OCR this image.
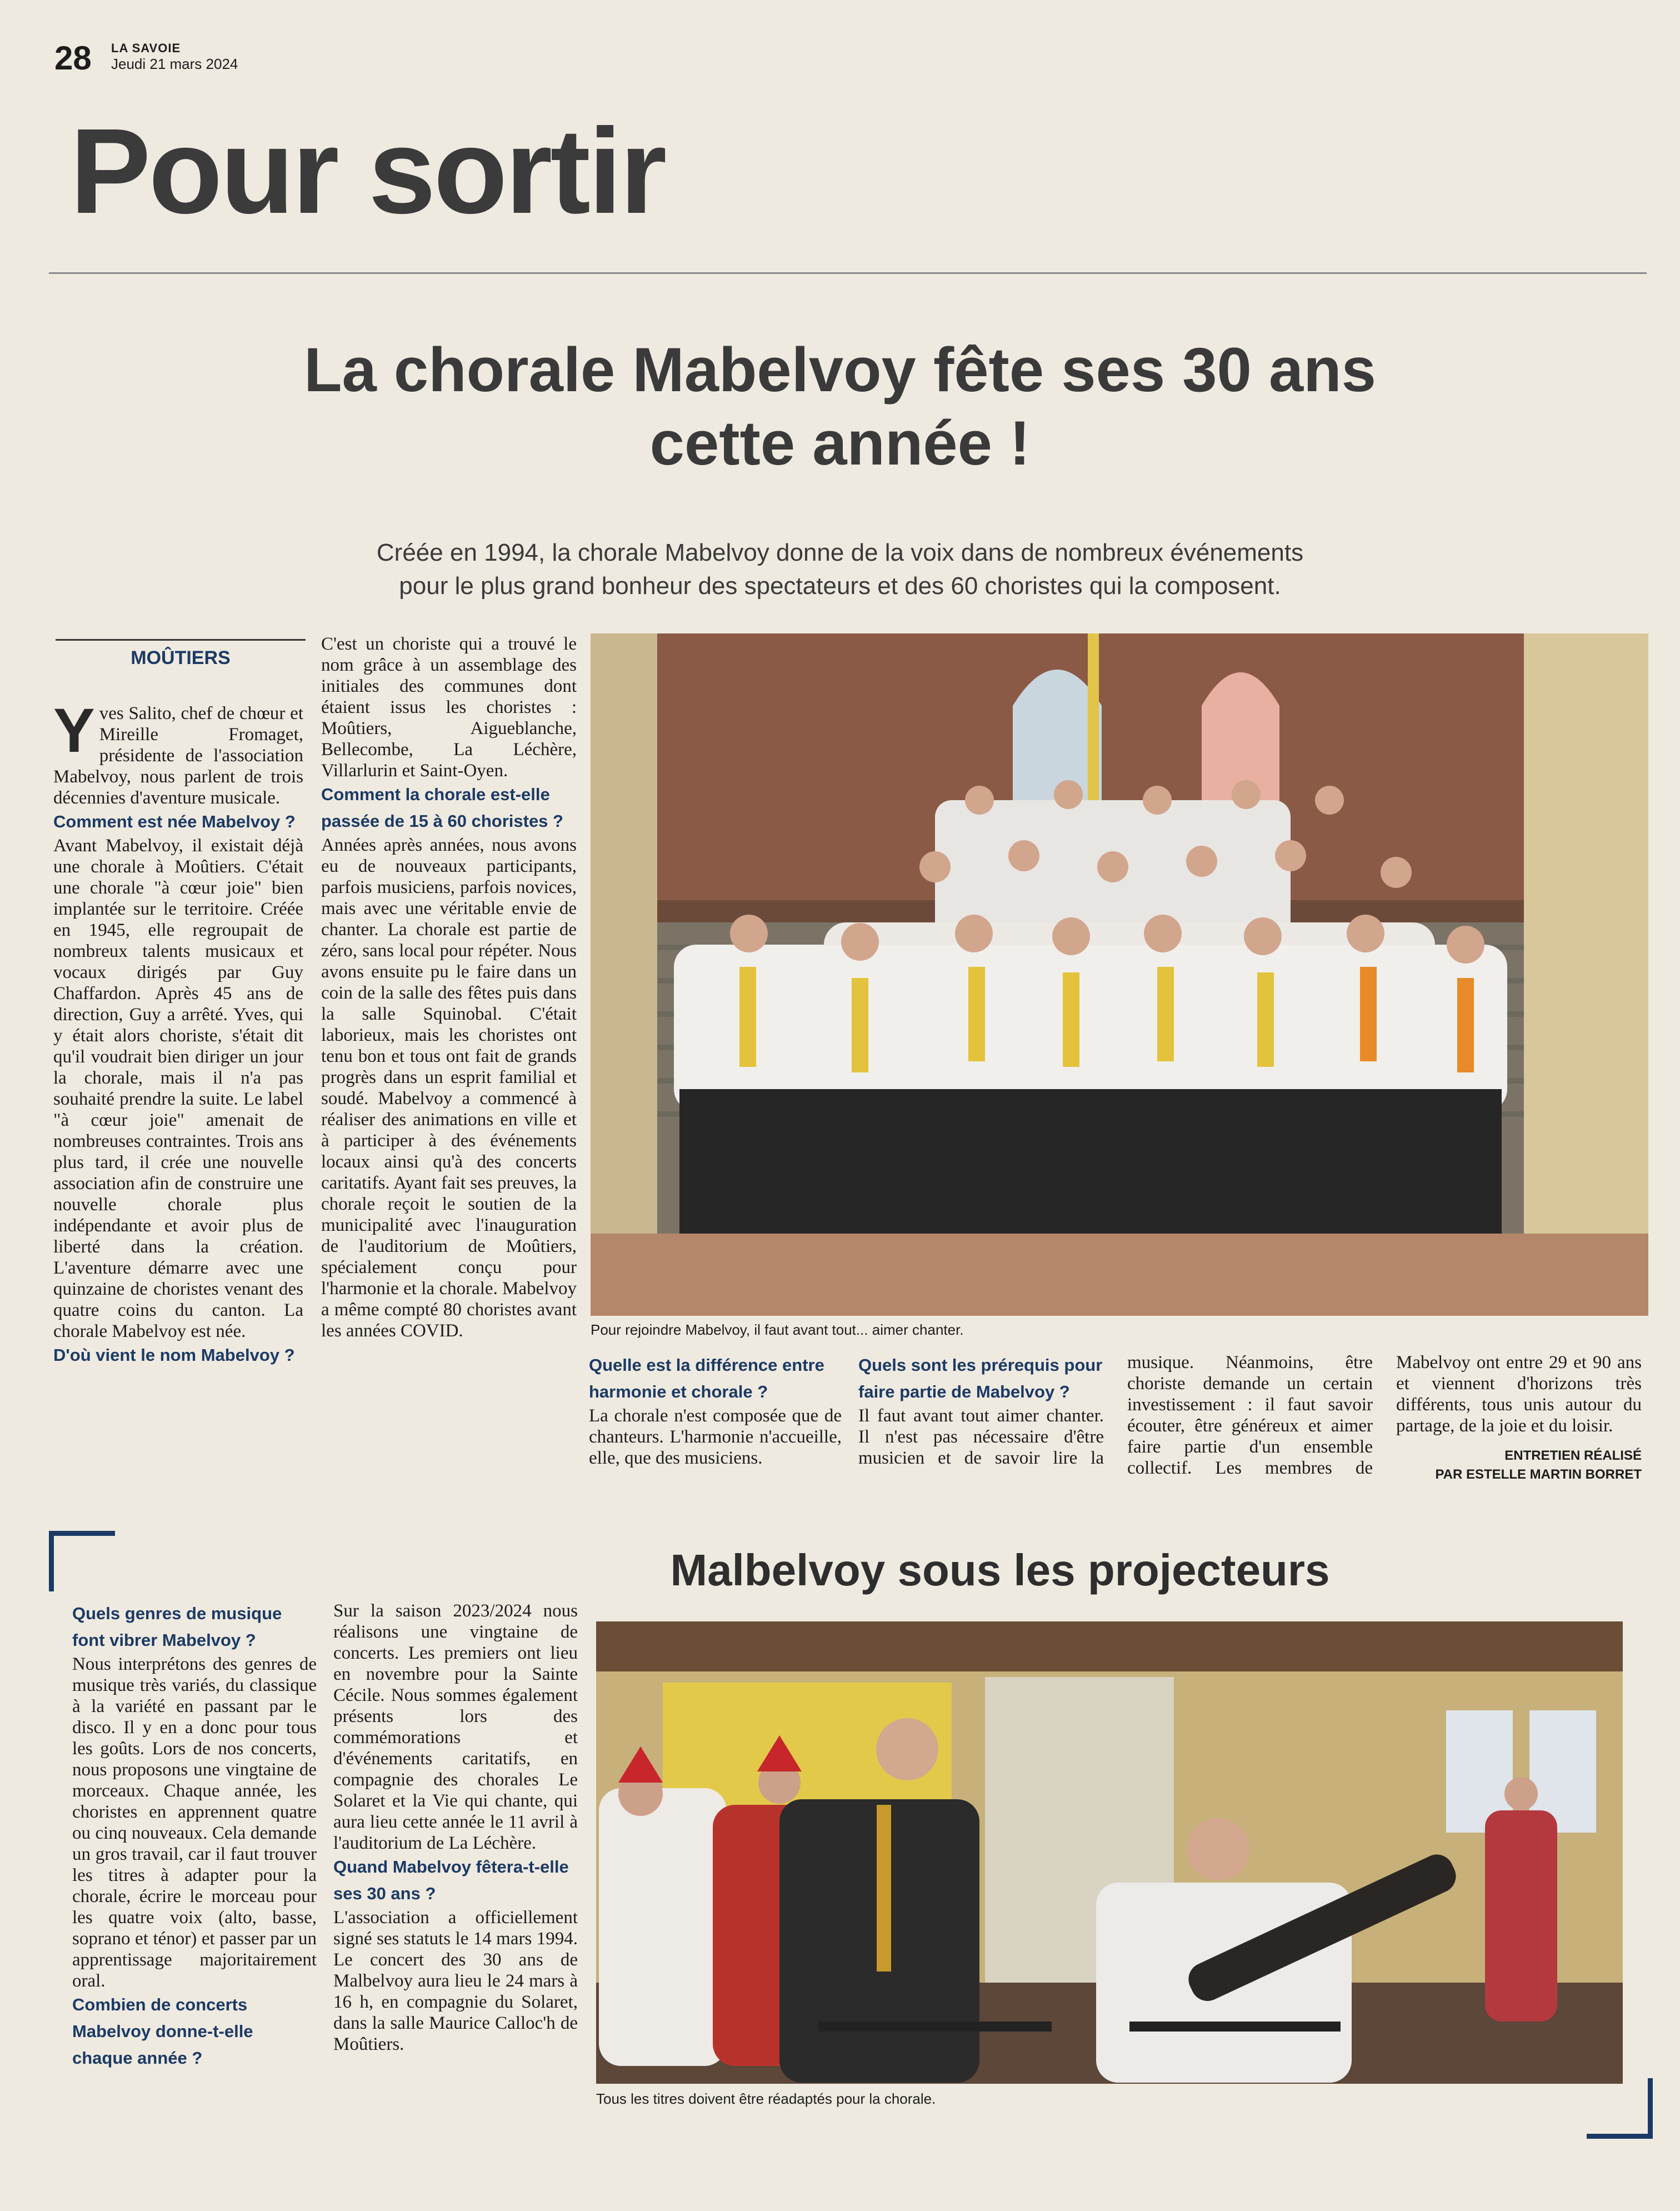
28 LA SAVOIE
Jeudi 21 mars 2024
Pour sortir
La chorale Mabelvoy fête ses 30 ans
cette année !
Créée en 1994, la chorale Mabelvoy donne de la voix dans de nombreux événements
pour le plus grand bonheur des spectateurs et des 60 choristes qui la composent.
MOÛTIERS

Yves Salito, chef de chœur et Mireille Fromaget, présidente de l'association Mabelvoy, nous parlent de trois décennies d'aventure musicale.

Comment est née Mabelvoy ?

Avant Mabelvoy, il existait déjà une chorale à Moûtiers. C'était une chorale "à cœur joie" bien implantée sur le territoire. Créée en 1945, elle regroupait de nombreux talents musicaux et vocaux dirigés par Guy Chaffardon. Après 45 ans de direction, Guy a arrêté. Yves, qui y était alors choriste, s'était dit qu'il voudrait bien diriger un jour la chorale, mais il n'a pas souhaité prendre la suite. Le label "à cœur joie" amenait de nombreuses contraintes. Trois ans plus tard, il crée une nouvelle association afin de construire une nouvelle chorale plus indépendante et avoir plus de liberté dans la création. L'aventure démarre avec une quinzaine de choristes venant des quatre coins du canton. La chorale Mabelvoy est née.

D'où vient le nom Mabelvoy ?

C'est un choriste qui a trouvé le nom grâce à un assemblage des initiales des communes dont étaient issus les choristes : Moûtiers, Aigueblanche, Bellecombe, La Léchère, Villarlurin et Saint-Oyen.

Comment la chorale est-elle passée de 15 à 60 choristes ?

Années après années, nous avons eu de nouveaux participants, parfois musiciens, parfois novices, mais avec une véritable envie de chanter. La chorale est partie de zéro, sans local pour répéter. Nous avons ensuite pu le faire dans un coin de la salle des fêtes puis dans la salle Squinobal. C'était laborieux, mais les choristes ont tenu bon et tous ont fait de grands progrès dans un esprit familial et soudé. Mabelvoy a commencé à réaliser des animations en ville et à participer à des événements locaux ainsi qu'à des concerts caritatifs. Ayant fait ses preuves, la chorale reçoit le soutien de la municipalité avec l'inauguration de l'auditorium de Moûtiers, spécialement conçu pour l'harmonie et la chorale. Mabelvoy a même compté 80 choristes avant les années COVID.	Pour rejoindre Mabelvoy, il faut avant tout... aimer chanter.

Quelle est la différence entre harmonie et chorale ?

La chorale n'est composée que de chanteurs. L'harmonie n'accueille, elle, que des musiciens.

Quels sont les prérequis pour faire partie de Mabelvoy ?

Il faut avant tout aimer chanter. Il n'est pas nécessaire d'être musicien et de savoir lire la musique. Néanmoins, être choriste demande un certain investissement : il faut savoir écouter, être généreux et aimer faire partie d'un ensemble collectif. Les membres de Mabelvoy ont entre 29 et 90 ans et viennent d'horizons très différents, tous unis autour du partage, de la joie et du loisir.

ENTRETIEN RÉALISÉ
PAR ESTELLE MARTIN BORRET
Malbelvoy sous les projecteurs

Quels genres de musique font vibrer Mabelvoy ?

Nous interprétons des genres de musique très variés, du classique à la variété en passant par le disco. Il y en a donc pour tous les goûts. Lors de nos concerts, nous proposons une vingtaine de morceaux. Chaque année, les choristes en apprennent quatre ou cinq nouveaux. Cela demande un gros travail, car il faut trouver les titres à adapter pour la chorale, écrire le morceau pour les quatre voix (alto, basse, soprano et ténor) et passer par un apprentissage majoritairement oral.

Combien de concerts Mabelvoy donne-t-elle chaque année ?

Sur la saison 2023/2024 nous réalisons une vingtaine de concerts. Les premiers ont lieu en novembre pour la Sainte Cécile. Nous sommes également présents lors des commémorations et d'événements caritatifs, en compagnie des chorales Le Solaret et la Vie qui chante, qui aura lieu cette année le 11 avril à l'auditorium de La Léchère.

Quand Mabelvoy fêtera-t-elle ses 30 ans ?

L'association a officiellement signé ses statuts le 14 mars 1994. Le concert des 30 ans de Malbelvoy aura lieu le 24 mars à 16 h, en compagnie du Solaret, dans la salle Maurice Calloc'h de Moûtiers.

Tous les titres doivent être réadaptés pour la chorale.
